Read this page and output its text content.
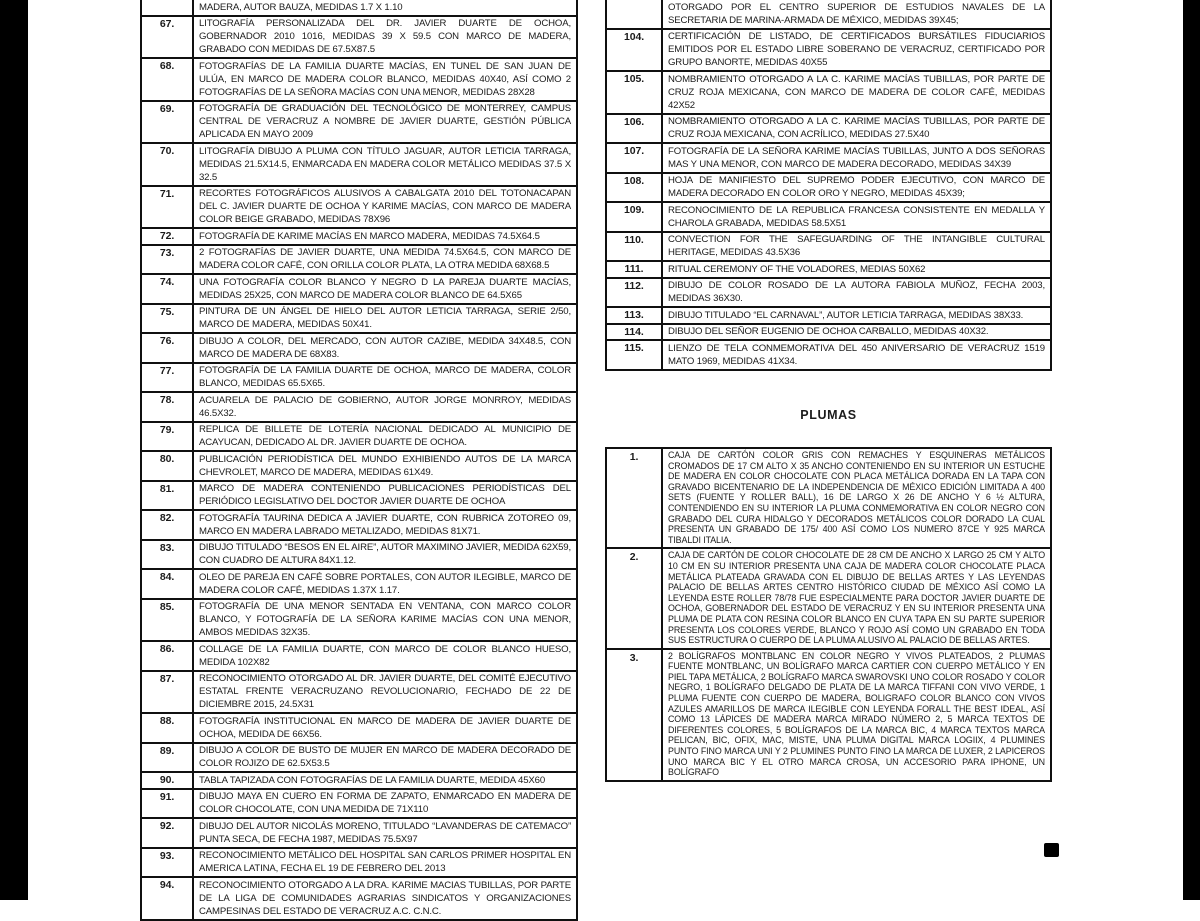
MADERA, AUTOR BAUZA, MEDIDAS 1.7 X 1.10
67.	LITOGRAFÍA PERSONALIZADA DEL DR. JAVIER DUARTE DE OCHOA, GOBERNADOR 2010 1016, MEDIDAS 39 X 59.5 CON MARCO DE MADERA, GRABADO CON MEDIDAS DE 67.5X87.5
68.	FOTOGRAFÍAS DE LA FAMILIA DUARTE MACÍAS, EN TUNEL DE SAN JUAN DE ULÚA, EN MARCO DE MADERA COLOR BLANCO, MEDIDAS 40X40, ASÍ COMO 2 FOTOGRAFÍAS DE LA SEÑORA MACÍAS CON UNA MENOR, MEDIDAS 28X28
69.	FOTOGRAFÍA DE GRADUACIÓN DEL TECNOLÓGICO DE MONTERREY, CAMPUS CENTRAL DE VERACRUZ A NOMBRE DE JAVIER DUARTE, GESTIÓN PÚBLICA APLICADA EN MAYO 2009
70.	LITOGRAFÍA DIBUJO A PLUMA CON TÍTULO JAGUAR, AUTOR LETICIA TARRAGA, MEDIDAS 21.5X14.5, ENMARCADA EN MADERA COLOR METÁLICO MEDIDAS 37.5 X 32.5
71.	RECORTES FOTOGRÁFICOS ALUSIVOS A CABALGATA 2010 DEL TOTONACAPAN DEL C. JAVIER DUARTE DE OCHOA Y KARIME MACÍAS, CON MARCO DE MADERA COLOR BEIGE GRABADO, MEDIDAS 78X96
72.	FOTOGRAFÍA DE KARIME MACÍAS EN MARCO MADERA, MEDIDAS 74.5X64.5
73.	2 FOTOGRAFÍAS DE JAVIER DUARTE, UNA MEDIDA 74.5X64.5, CON MARCO DE MADERA COLOR CAFÉ, CON ORILLA COLOR PLATA, LA OTRA MEDIDA 68X68.5
74.	UNA FOTOGRAFÍA COLOR BLANCO Y NEGRO D LA PAREJA DUARTE MACÍAS, MEDIDAS 25X25, CON MARCO DE MADERA COLOR BLANCO DE 64.5X65
75.	PINTURA DE UN ÁNGEL DE HIELO DEL AUTOR LETICIA TARRAGA, SERIE 2/50, MARCO DE MADERA, MEDIDAS 50X41.
76.	DIBUJO A COLOR, DEL MERCADO, CON AUTOR CAZIBE, MEDIDA 34X48.5, CON MARCO DE MADERA DE 68X83.
77.	FOTOGRAFÍA DE LA FAMILIA DUARTE DE OCHOA, MARCO DE MADERA, COLOR BLANCO, MEDIDAS 65.5X65.
78.	ACUARELA DE PALACIO DE GOBIERNO, AUTOR JORGE MONRROY, MEDIDAS 46.5X32.
79.	REPLICA DE BILLETE DE LOTERÍA NACIONAL DEDICADO AL MUNICIPIO DE ACAYUCAN, DEDICADO AL DR. JAVIER DUARTE DE OCHOA.
80.	PUBLICACIÓN PERIODÍSTICA DEL MUNDO EXHIBIENDO AUTOS DE LA MARCA CHEVROLET, MARCO DE MADERA, MEDIDAS 61X49.
81.	MARCO DE MADERA CONTENIENDO PUBLICACIONES PERIODÍSTICAS DEL PERIÓDICO LEGISLATIVO DEL DOCTOR JAVIER DUARTE DE OCHOA
82.	FOTOGRAFÍA TAURINA DEDICA A JAVIER DUARTE, CON RUBRICA ZOTOREO 09, MARCO EN MADERA LABRADO METALIZADO, MEDIDAS 81X71.
83.	DIBUJO TITULADO “BESOS EN EL AIRE”, AUTOR MAXIMINO JAVIER, MEDIDA 62X59, CON CUADRO DE ALTURA 84X1.12.
84.	OLEO DE PAREJA EN CAFÉ SOBRE PORTALES, CON AUTOR ILEGIBLE, MARCO DE MADERA COLOR CAFÉ, MEDIDAS 1.37X 1.17.
85.	FOTOGRAFÍA DE UNA MENOR SENTADA EN VENTANA, CON MARCO COLOR BLANCO, Y FOTOGRAFÍA DE LA SEÑORA KARIME MACÍAS CON UNA MENOR, AMBOS MEDIDAS 32X35.
86.	COLLAGE DE LA FAMILIA DUARTE, CON MARCO DE COLOR BLANCO HUESO, MEDIDA 102X82
87.	RECONOCIMIENTO OTORGADO AL DR. JAVIER DUARTE, DEL COMITÉ EJECUTIVO ESTATAL FRENTE VERACRUZANO REVOLUCIONARIO, FECHADO DE 22 DE DICIEMBRE 2015, 24.5X31
88.	FOTOGRAFÍA INSTITUCIONAL EN MARCO DE MADERA DE JAVIER DUARTE DE OCHOA, MEDIDA DE 66X56.
89.	DIBUJO A COLOR DE BUSTO DE MUJER EN MARCO DE MADERA DECORADO DE COLOR ROJIZO DE 62.5X53.5
90.	TABLA TAPIZADA CON FOTOGRAFÍAS DE LA FAMILIA DUARTE, MEDIDA 45X60
91.	DIBUJO MAYA EN CUERO EN FORMA DE ZAPATO, ENMARCADO EN MADERA DE COLOR CHOCOLATE, CON UNA MEDIDA DE 71X110
92.	DIBUJO DEL AUTOR NICOLÁS MORENO, TITULADO “LAVANDERAS DE CATEMACO” PUNTA SECA, DE FECHA 1987, MEDIDAS 75.5X97
93.	RECONOCIMIENTO METÁLICO DEL HOSPITAL SAN CARLOS PRIMER HOSPITAL EN AMERICA LATINA, FECHA EL 19 DE FEBRERO DEL 2013
94.	RECONOCIMIENTO OTORGADO A LA DRA. KARIME MACIAS TUBILLAS, POR PARTE DE LA LIGA DE COMUNIDADES AGRARIAS SINDICATOS Y ORGANIZACIONES CAMPESINAS DEL ESTADO DE VERACRUZ A.C. C.N.C.
OTORGADO POR EL CENTRO SUPERIOR DE ESTUDIOS NAVALES DE LA SECRETARIA DE MARINA-ARMADA DE MÉXICO, MEDIDAS 39X45;
104.	CERTIFICACIÓN DE LISTADO, DE CERTIFICADOS BURSÁTILES FIDUCIARIOS EMITIDOS POR EL ESTADO LIBRE SOBERANO DE VERACRUZ, CERTIFICADO POR GRUPO BANORTE, MEDIDAS 40X55
105.	NOMBRAMIENTO OTORGADO A LA C. KARIME MACÍAS TUBILLAS, POR PARTE DE CRUZ ROJA MEXICANA, CON MARCO DE MADERA DE COLOR CAFÉ, MEDIDAS 42X52
106.	NOMBRAMIENTO OTORGADO A LA C. KARIME MACÍAS TUBILLAS, POR PARTE DE CRUZ ROJA MEXICANA, CON ACRÍLICO, MEDIDAS 27.5X40
107.	FOTOGRAFÍA DE LA SEÑORA KARIME MACÍAS TUBILLAS, JUNTO A DOS SEÑORAS MAS Y UNA MENOR, CON MARCO DE MADERA DECORADO, MEDIDAS 34X39
108.	HOJA DE MANIFIESTO DEL SUPREMO PODER EJECUTIVO, CON MARCO DE MADERA DECORADO EN COLOR ORO Y NEGRO, MEDIDAS 45X39;
109.	RECONOCIMIENTO DE LA REPUBLICA FRANCESA CONSISTENTE EN MEDALLA Y CHAROLA GRABADA, MEDIDAS 58.5X51
110.	CONVECTION FOR THE SAFEGUARDING OF THE INTANGIBLE CULTURAL HERITAGE, MEDIDAS 43.5X36
111.	RITUAL CEREMONY OF THE VOLADORES, MEDIAS 50X62
112.	DIBUJO DE COLOR ROSADO DE LA AUTORA FABIOLA MUÑOZ, FECHA 2003, MEDIDAS 36X30.
113.	DIBUJO TITULADO “EL CARNAVAL”, AUTOR LETICIA TARRAGA, MEDIDAS 38X33.
114.	DIBUJO DEL SEÑOR EUGENIO DE OCHOA CARBALLO, MEDIDAS 40X32.
115.	LIENZO DE TELA CONMEMORATIVA DEL 450 ANIVERSARIO DE VERACRUZ 1519 MATO 1969, MEDIDAS 41X34.
PLUMAS
1.	CAJA DE CARTÓN COLOR GRIS CON REMACHES Y ESQUINERAS METÁLICOS CROMADOS DE 17 CM ALTO X 35 ANCHO CONTENIENDO EN SU INTERIOR UN ESTUCHE DE MADERA EN COLOR CHOCOLATE CON PLACA METÁLICA DORADA EN LA TAPA CON GRAVADO BICENTENARIO DE LA INDEPENDENCIA DE MÉXICO EDICIÓN LIMITADA A 400 SETS (FUENTE Y ROLLER BALL), 16 DE LARGO X 26 DE ANCHO Y 6 ½ ALTURA, CONTENDIENDO EN SU INTERIOR LA PLUMA CONMEMORATIVA EN COLOR NEGRO CON GRABADO DEL CURA HIDALGO Y DECORADOS METÁLICOS COLOR DORADO LA CUAL PRESENTA UN GRABADO DE 175/ 400 ASÍ COMO LOS NUMERO 87CE Y 925 MARCA TIBALDI ITALIA.
2.	CAJA DE CARTÓN DE COLOR CHOCOLATE DE 28 CM DE ANCHO X LARGO 25 CM Y ALTO 10 CM EN SU INTERIOR PRESENTA UNA CAJA DE MADERA COLOR CHOCOLATE PLACA METÁLICA PLATEADA GRAVADA CON EL DIBUJO DE BELLAS ARTES Y LAS LEYENDAS PALACIO DE BELLAS ARTES CENTRO HISTÓRICO CIUDAD DE MÉXICO ASÍ COMO LA LEYENDA ESTE ROLLER 78/78 FUE ESPECIALMENTE PARA DOCTOR JAVIER DUARTE DE OCHOA, GOBERNADOR DEL ESTADO DE VERACRUZ Y EN SU INTERIOR PRESENTA UNA PLUMA DE PLATA CON RESINA COLOR BLANCO EN CUYA TAPA EN SU PARTE SUPERIOR PRESENTA LOS COLORES VERDE, BLANCO Y ROJO ASÍ COMO UN GRABADO EN TODA SUS ESTRUCTURA O CUERPO DE LA PLUMA ALUSIVO AL PALACIO DE BELLAS ARTES.
3.	2 BOLÍGRAFOS MONTBLANC EN COLOR NEGRO Y VIVOS PLATEADOS, 2 PLUMAS FUENTE MONTBLANC, UN BOLÍGRAFO MARCA CARTIER CON CUERPO METÁLICO Y EN PIEL TAPA METÁLICA, 2 BOLÍGRAFO MARCA SWAROVSKI UNO COLOR ROSADO Y COLOR NEGRO, 1 BOLÍGRAFO DELGADO DE PLATA DE LA MARCA TIFFANI CON VIVO VERDE, 1 PLUMA FUENTE CON CUERPO DE MADERA, BOLIGRAFO COLOR BLANCO CON VIVOS AZULES AMARILLOS DE MARCA ILEGIBLE CON LEYENDA FORALL THE BEST IDEAL, ASÍ COMO 13 LÁPICES DE MADERA MARCA MIRADO NÚMERO 2, 5 MARCA TEXTOS DE DIFERENTES COLORES, 5 BOLÍGRAFOS DE LA MARCA BIC, 4 MARCA TEXTOS MARCA PELICAN, BIC, OFIX, MAC, MISTE, UNA PLUMA DIGITAL MARCA LOGIIX, 4 PLUMINES PUNTO FINO MARCA UNI Y 2 PLUMINES PUNTO FINO LA MARCA DE LUXER, 2 LAPICEROS UNO MARCA BIC Y EL OTRO MARCA CROSA, UN ACCESORIO PARA IPHONE, UN BOLÍGRAFO
